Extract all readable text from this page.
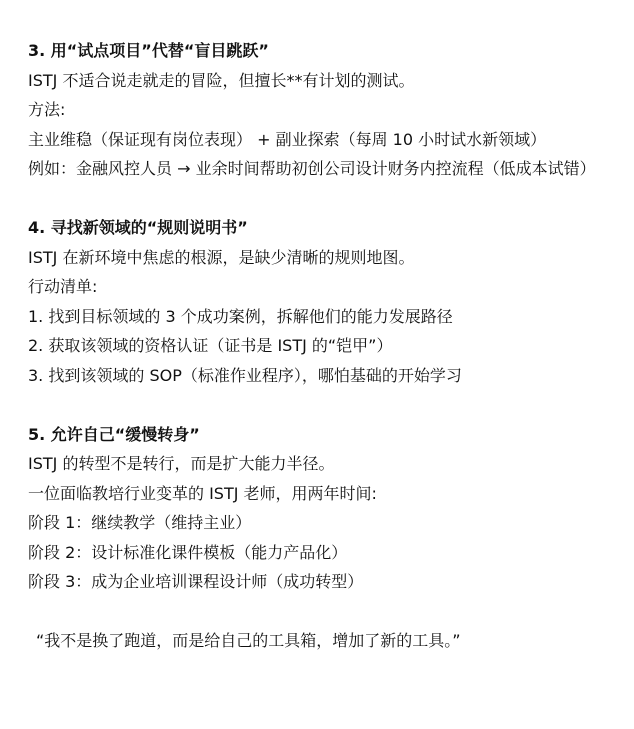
3. 用“试点项目”代替“盲目跳跃”
ISTJ 不适合说走就走的冒险，但擅长**有计划的测试。
方法:
主业维稳（保证现有岗位表现） + 副业探索（每周 10 小时试水新领域）
例如：金融风控人员 → 业余时间帮助初创公司设计财务内控流程（低成本试错）
4. 寻找新领域的“规则说明书”
ISTJ 在新环境中焦虑的根源，是缺少清晰的规则地图。
行动清单:
1. 找到目标领域的 3 个成功案例，拆解他们的能力发展路径
2. 获取该领域的资格认证（证书是 ISTJ 的“铠甲”）
3. 找到该领域的 SOP（标准作业程序），哪怕基础的开始学习
5. 允许自己“缓慢转身”
ISTJ 的转型不是转行，而是扩大能力半径。
一位面临教培行业变革的 ISTJ 老师，用两年时间:
阶段 1：继续教学（维持主业）
阶段 2：设计标准化课件模板（能力产品化）
阶段 3：成为企业培训课程设计师（成功转型）
“我不是换了跑道，而是给自己的工具箱，增加了新的工具。”
